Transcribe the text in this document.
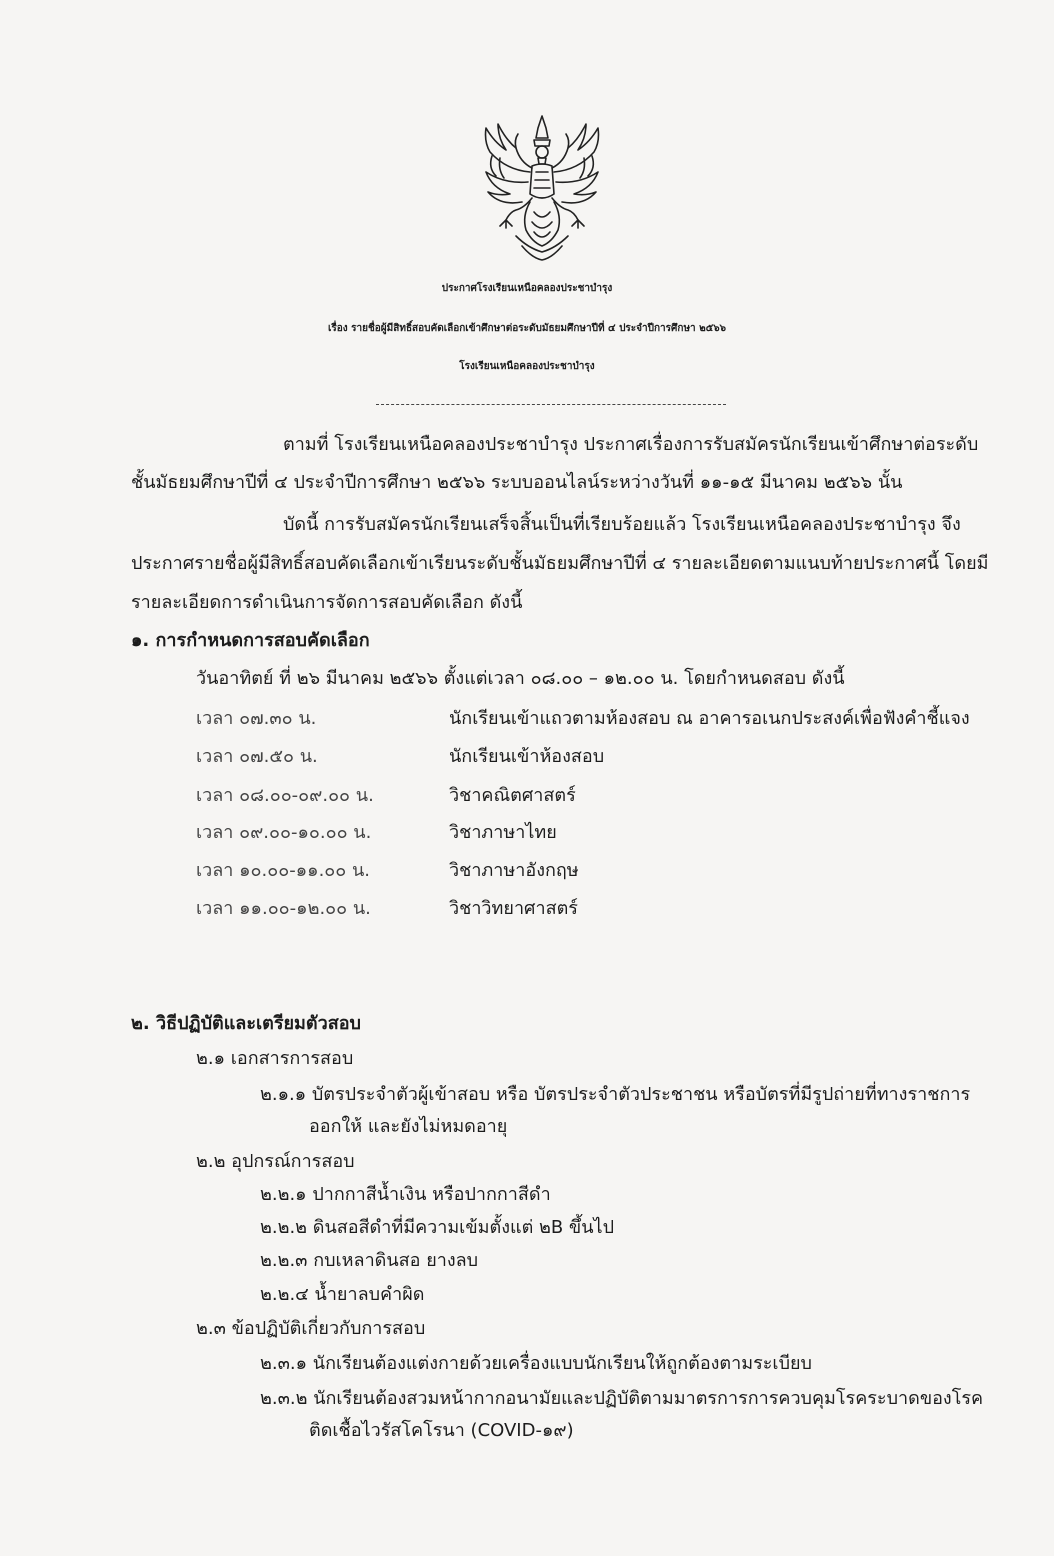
ประกาศโรงเรียนเหนือคลองประชาบำรุง
เรื่อง รายชื่อผู้มีสิทธิ์สอบคัดเลือกเข้าศึกษาต่อระดับมัธยมศึกษาปีที่ ๔ ประจำปีการศึกษา ๒๕๖๖
โรงเรียนเหนือคลองประชาบำรุง
ตามที่ โรงเรียนเหนือคลองประชาบำรุง ประกาศเรื่องการรับสมัครนักเรียนเข้าศึกษาต่อระดับ
ชั้นมัธยมศึกษาปีที่ ๔ ประจำปีการศึกษา ๒๕๖๖ ระบบออนไลน์ระหว่างวันที่ ๑๑-๑๕ มีนาคม ๒๕๖๖ นั้น
บัดนี้ การรับสมัครนักเรียนเสร็จสิ้นเป็นที่เรียบร้อยแล้ว โรงเรียนเหนือคลองประชาบำรุง จึง
ประกาศรายชื่อผู้มีสิทธิ์สอบคัดเลือกเข้าเรียนระดับชั้นมัธยมศึกษาปีที่ ๔ รายละเอียดตามแนบท้ายประกาศนี้ โดยมี
รายละเอียดการดำเนินการจัดการสอบคัดเลือก ดังนี้
๑. การกำหนดการสอบคัดเลือก
วันอาทิตย์ ที่ ๒๖ มีนาคม ๒๕๖๖ ตั้งแต่เวลา ๐๘.๐๐ – ๑๒.๐๐ น. โดยกำหนดสอบ ดังนี้
เวลา ๐๗.๓๐ น.	นักเรียนเข้าแถวตามห้องสอบ ณ อาคารอเนกประสงค์เพื่อฟังคำชี้แจง
เวลา ๐๗.๕๐ น.	นักเรียนเข้าห้องสอบ
เวลา ๐๘.๐๐-๐๙.๐๐ น.	วิชาคณิตศาสตร์
เวลา ๐๙.๐๐-๑๐.๐๐ น.	วิชาภาษาไทย
เวลา ๑๐.๐๐-๑๑.๐๐ น.	วิชาภาษาอังกฤษ
เวลา ๑๑.๐๐-๑๒.๐๐ น.	วิชาวิทยาศาสตร์
๒. วิธีปฏิบัติและเตรียมตัวสอบ
๒.๑ เอกสารการสอบ
๒.๑.๑ บัตรประจำตัวผู้เข้าสอบ หรือ บัตรประจำตัวประชาชน หรือบัตรที่มีรูปถ่ายที่ทางราชการ
ออกให้ และยังไม่หมดอายุ
๒.๒ อุปกรณ์การสอบ
๒.๒.๑ ปากกาสีน้ำเงิน หรือปากกาสีดำ
๒.๒.๒ ดินสอสีดำที่มีความเข้มตั้งแต่ ๒B ขึ้นไป
๒.๒.๓ กบเหลาดินสอ ยางลบ
๒.๒.๔ น้ำยาลบคำผิด
๒.๓ ข้อปฏิบัติเกี่ยวกับการสอบ
๒.๓.๑ นักเรียนต้องแต่งกายด้วยเครื่องแบบนักเรียนให้ถูกต้องตามระเบียบ
๒.๓.๒ นักเรียนต้องสวมหน้ากากอนามัยและปฏิบัติตามมาตรการการควบคุมโรคระบาดของโรค
ติดเชื้อไวรัสโคโรนา (COVID-๑๙)
